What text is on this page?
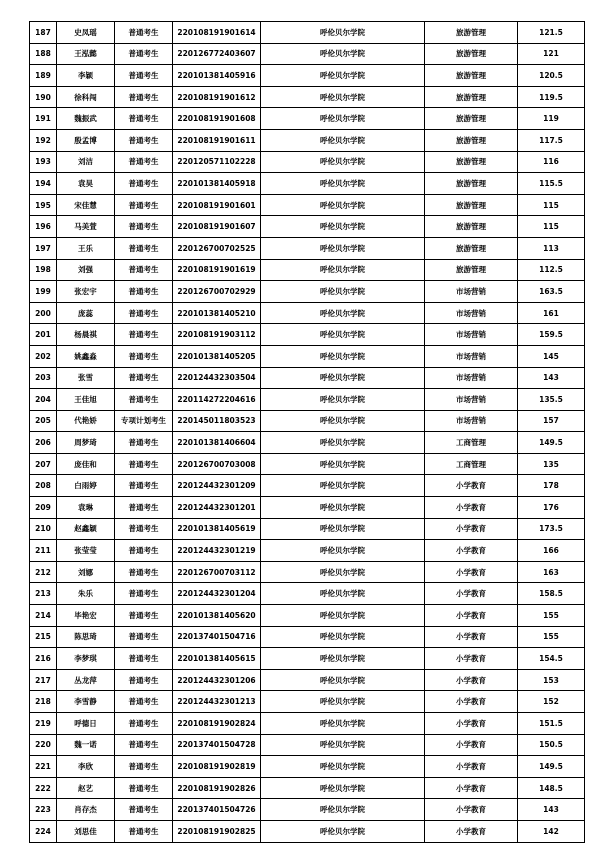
187	史凤瑶	普通考生	220108191901614	呼伦贝尔学院	旅游管理	121.5
188	王泓懿	普通考生	220126772403607	呼伦贝尔学院	旅游管理	121
189	李颖	普通考生	220101381405916	呼伦贝尔学院	旅游管理	120.5
190	徐科闯	普通考生	220108191901612	呼伦贝尔学院	旅游管理	119.5
191	魏振武	普通考生	220108191901608	呼伦贝尔学院	旅游管理	119
192	殷孟博	普通考生	220108191901611	呼伦贝尔学院	旅游管理	117.5
193	刘洁	普通考生	220120571102228	呼伦贝尔学院	旅游管理	116
194	袁昊	普通考生	220101381405918	呼伦贝尔学院	旅游管理	115.5
195	宋佳慧	普通考生	220108191901601	呼伦贝尔学院	旅游管理	115
196	马美萱	普通考生	220108191901607	呼伦贝尔学院	旅游管理	115
197	王乐	普通考生	220126700702525	呼伦贝尔学院	旅游管理	113
198	刘强	普通考生	220108191901619	呼伦贝尔学院	旅游管理	112.5
199	张宏宇	普通考生	220126700702929	呼伦贝尔学院	市场营销	163.5
200	庞蕊	普通考生	220101381405210	呼伦贝尔学院	市场营销	161
201	杨晨祺	普通考生	220108191903112	呼伦贝尔学院	市场营销	159.5
202	姚鑫淼	普通考生	220101381405205	呼伦贝尔学院	市场营销	145
203	张雪	普通考生	220124432303504	呼伦贝尔学院	市场营销	143
204	王佳旭	普通考生	220114272204616	呼伦贝尔学院	市场营销	135.5
205	代艳娇	专项计划考生	220145011803523	呼伦贝尔学院	市场营销	157
206	周梦琦	普通考生	220101381406604	呼伦贝尔学院	工商管理	149.5
207	庞佳和	普通考生	220126700703008	呼伦贝尔学院	工商管理	135
208	白雨婷	普通考生	220124432301209	呼伦贝尔学院	小学教育	178
209	袁琳	普通考生	220124432301201	呼伦贝尔学院	小学教育	176
210	赵鑫颖	普通考生	220101381405619	呼伦贝尔学院	小学教育	173.5
211	张莹莹	普通考生	220124432301219	呼伦贝尔学院	小学教育	166
212	刘娜	普通考生	220126700703112	呼伦贝尔学院	小学教育	163
213	朱乐	普通考生	220124432301204	呼伦贝尔学院	小学教育	158.5
214	毕艳宏	普通考生	220101381405620	呼伦贝尔学院	小学教育	155
215	陈思琦	普通考生	220137401504716	呼伦贝尔学院	小学教育	155
216	李梦琪	普通考生	220101381405615	呼伦贝尔学院	小学教育	154.5
217	丛龙萍	普通考生	220124432301206	呼伦贝尔学院	小学教育	153
218	李雪静	普通考生	220124432301213	呼伦贝尔学院	小学教育	152
219	呼德日	普通考生	220108191902824	呼伦贝尔学院	小学教育	151.5
220	魏一诺	普通考生	220137401504728	呼伦贝尔学院	小学教育	150.5
221	李欣	普通考生	220108191902819	呼伦贝尔学院	小学教育	149.5
222	赵艺	普通考生	220108191902826	呼伦贝尔学院	小学教育	148.5
223	肖存杰	普通考生	220137401504726	呼伦贝尔学院	小学教育	143
224	刘思佳	普通考生	220108191902825	呼伦贝尔学院	小学教育	142
